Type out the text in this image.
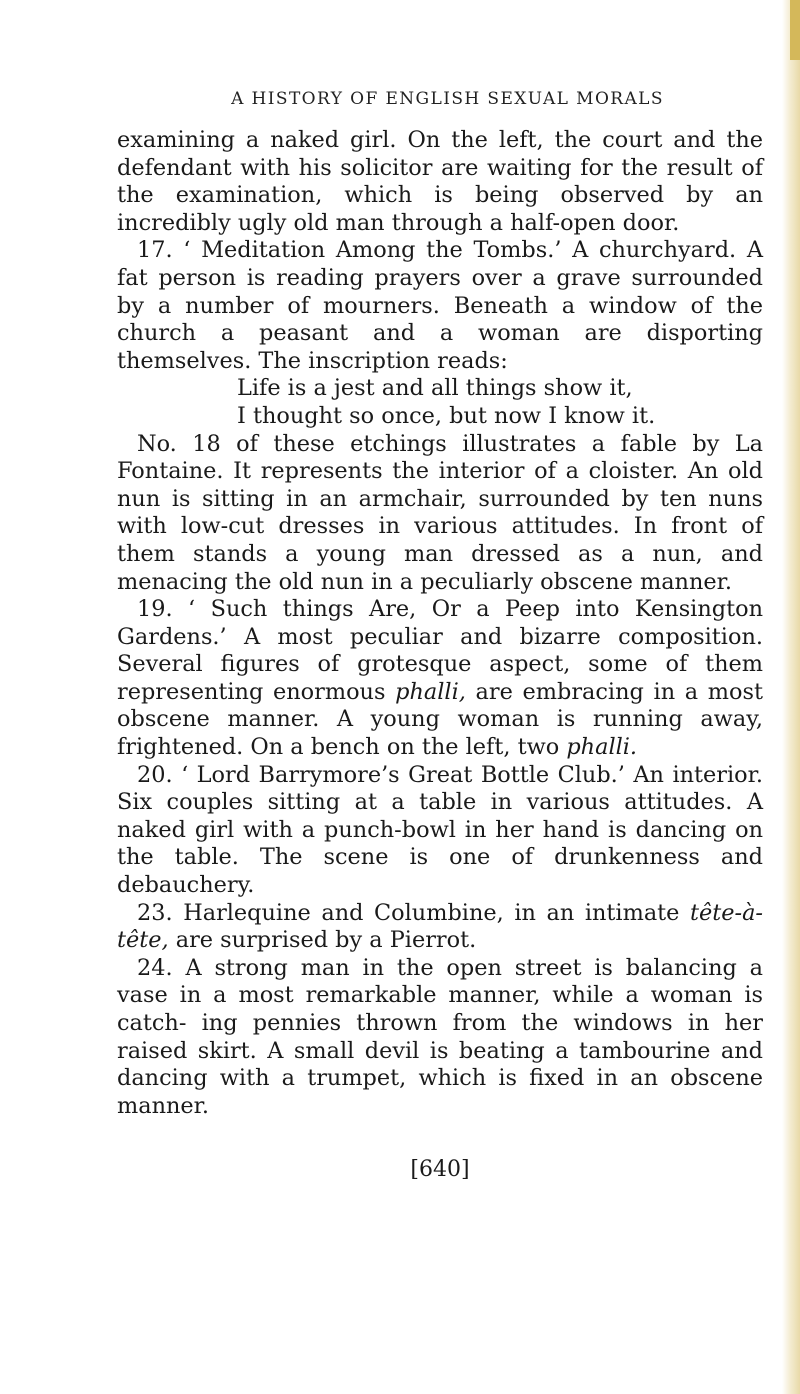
A HISTORY OF ENGLISH SEXUAL MORALS

examining a naked girl. On the left, the court and the defendant with his solicitor are waiting for the result of the examination, which is being observed by an incredibly ugly old man through a half-open door.

17. ‘ Meditation Among the Tombs.’ A churchyard. A fat person is reading prayers over a grave surrounded by a number of mourners. Beneath a window of the church a peasant and a woman are disporting themselves. The inscription reads:

Life is a jest and all things show it,
I thought so once, but now I know it.

No. 18 of these etchings illustrates a fable by La Fontaine. It represents the interior of a cloister. An old nun is sitting in an armchair, surrounded by ten nuns with low-cut dresses in various attitudes. In front of them stands a young man dressed as a nun, and menacing the old nun in a peculiarly obscene manner.

19. ‘ Such things Are, Or a Peep into Kensington Gardens.’ A most peculiar and bizarre composition. Several figures of grotesque aspect, some of them representing enormous phalli, are embracing in a most obscene manner. A young woman is running away, frightened. On a bench on the left, two phalli.

20. ‘ Lord Barrymore’s Great Bottle Club.’ An interior. Six couples sitting at a table in various attitudes. A naked girl with a punch-bowl in her hand is dancing on the table. The scene is one of drunkenness and debauchery.

23. Harlequine and Columbine, in an intimate tête-à-tête, are surprised by a Pierrot.

24. A strong man in the open street is balancing a vase in a most remarkable manner, while a woman is catch- ing pennies thrown from the windows in her raised skirt. A small devil is beating a tambourine and dancing with a trumpet, which is fixed in an obscene manner.

[640]
